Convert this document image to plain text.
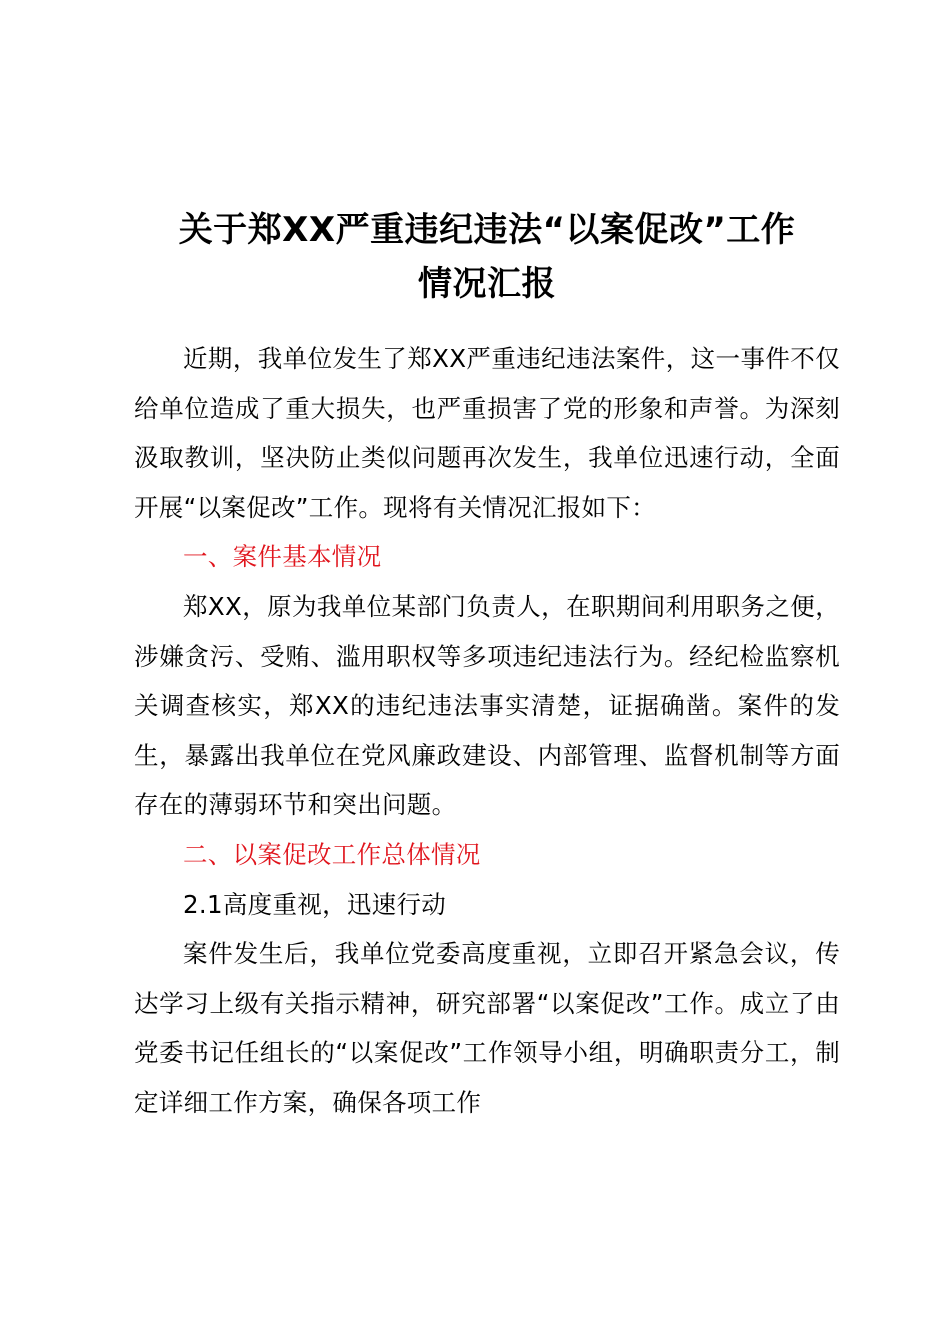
关于郑XX严重违纪违法“以案促改”工作
情况汇报

近期，我单位发生了郑XX严重违纪违法案件，这一事件不仅给单位造成了重大损失，也严重损害了党的形象和声誉。为深刻汲取教训，坚决防止类似问题再次发生，我单位迅速行动，全面开展“以案促改”工作。现将有关情况汇报如下：

一、案件基本情况

郑XX，原为我单位某部门负责人，在职期间利用职务之便，涉嫌贪污、受贿、滥用职权等多项违纪违法行为。经纪检监察机关调查核实，郑XX的违纪违法事实清楚，证据确凿。案件的发生，暴露出我单位在党风廉政建设、内部管理、监督机制等方面存在的薄弱环节和突出问题。

二、以案促改工作总体情况

2.1高度重视，迅速行动

案件发生后，我单位党委高度重视，立即召开紧急会议，传达学习上级有关指示精神，研究部署“以案促改”工作。成立了由党委书记任组长的“以案促改”工作领导小组，明确职责分工，制定详细工作方案，确保各项工作
